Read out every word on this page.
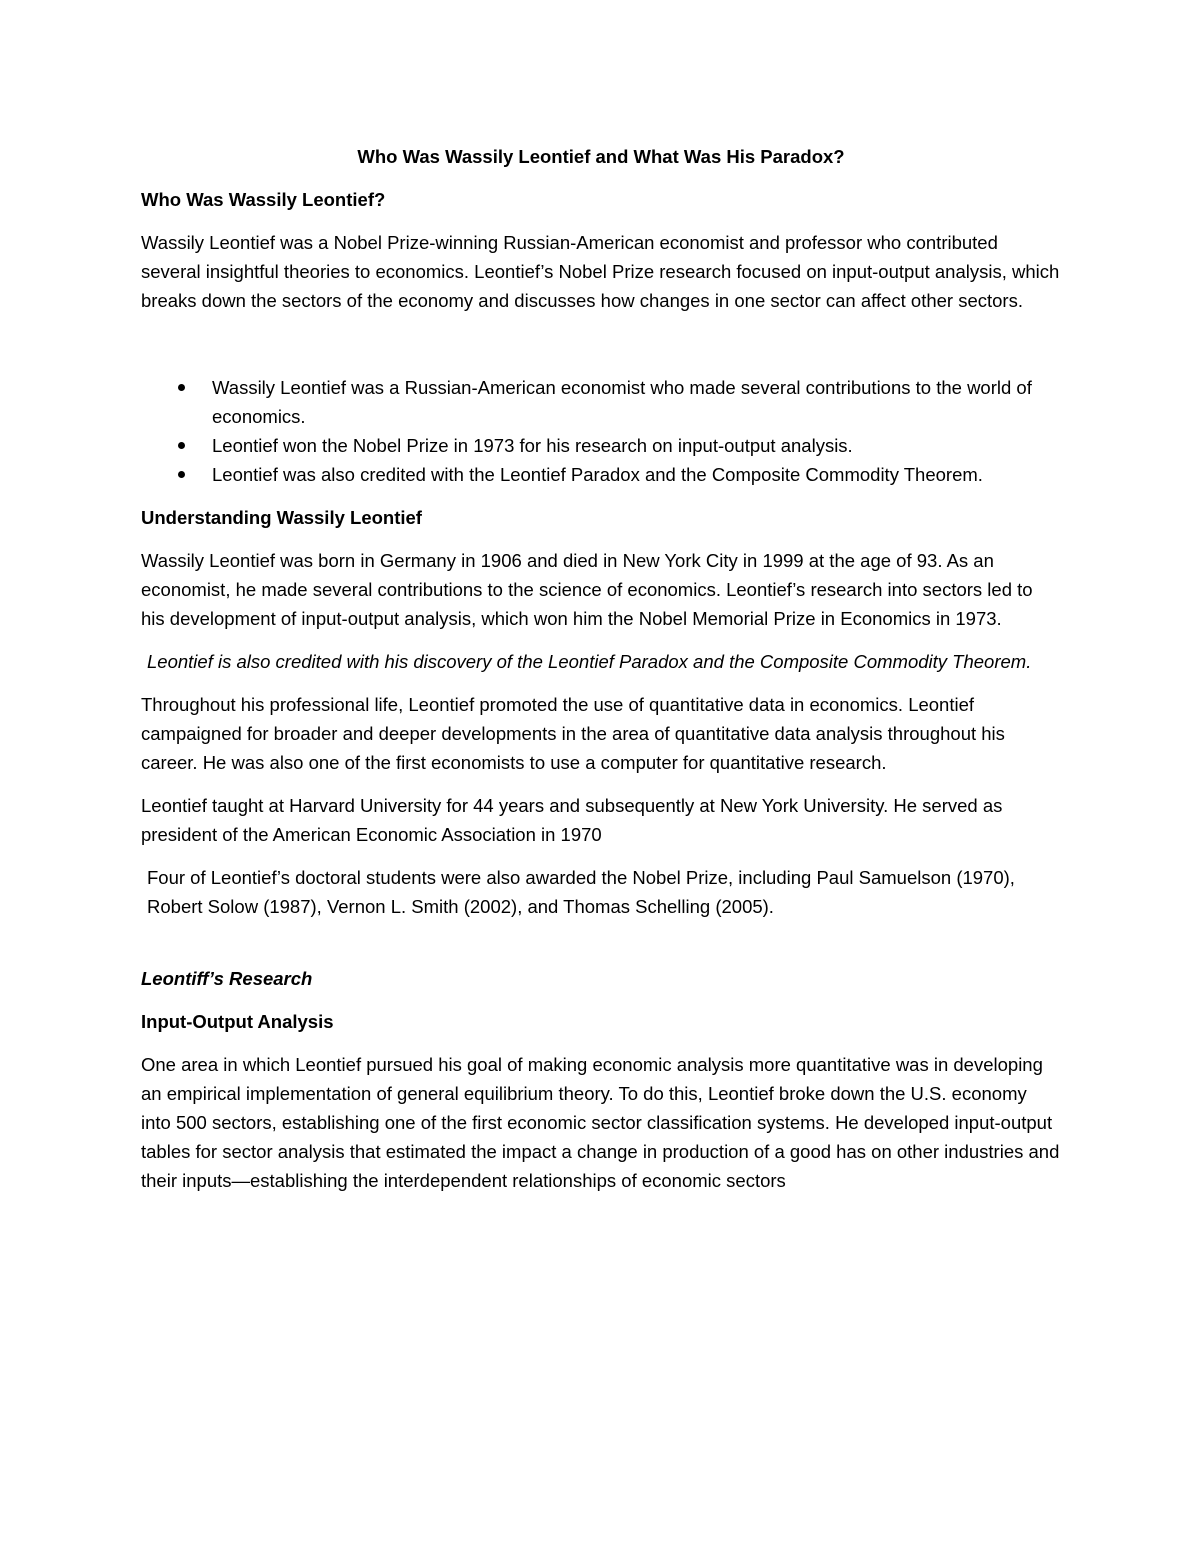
Who Was Wassily Leontief and What Was His Paradox?

Who Was Wassily Leontief?

Wassily Leontief was a Nobel Prize-winning Russian-American economist and professor who contributed several insightful theories to economics. Leontief’s Nobel Prize research focused on input-output analysis, which breaks down the sectors of the economy and discusses how changes in one sector can affect other sectors.

Wassily Leontief was a Russian-American economist who made several contributions to the world of economics.
Leontief won the Nobel Prize in 1973 for his research on input-output analysis.
Leontief was also credited with the Leontief Paradox and the Composite Commodity Theorem.

Understanding Wassily Leontief

Wassily Leontief was born in Germany in 1906 and died in New York City in 1999 at the age of 93. As an economist, he made several contributions to the science of economics. Leontief’s research into sectors led to his development of input-output analysis, which won him the Nobel Memorial Prize in Economics in 1973.

Leontief is also credited with his discovery of the Leontief Paradox and the Composite Commodity Theorem.

Throughout his professional life, Leontief promoted the use of quantitative data in economics. Leontief campaigned for broader and deeper developments in the area of quantitative data analysis throughout his career. He was also one of the first economists to use a computer for quantitative research.

Leontief taught at Harvard University for 44 years and subsequently at New York University. He served as president of the American Economic Association in 1970

Four of Leontief’s doctoral students were also awarded the Nobel Prize, including Paul Samuelson (1970), Robert Solow (1987), Vernon L. Smith (2002), and Thomas Schelling (2005).

Leontiff’s Research

Input-Output Analysis

One area in which Leontief pursued his goal of making economic analysis more quantitative was in developing an empirical implementation of general equilibrium theory. To do this, Leontief broke down the U.S. economy into 500 sectors, establishing one of the first economic sector classification systems. He developed input-output tables for sector analysis that estimated the impact a change in production of a good has on other industries and their inputs—establishing the interdependent relationships of economic sectors
